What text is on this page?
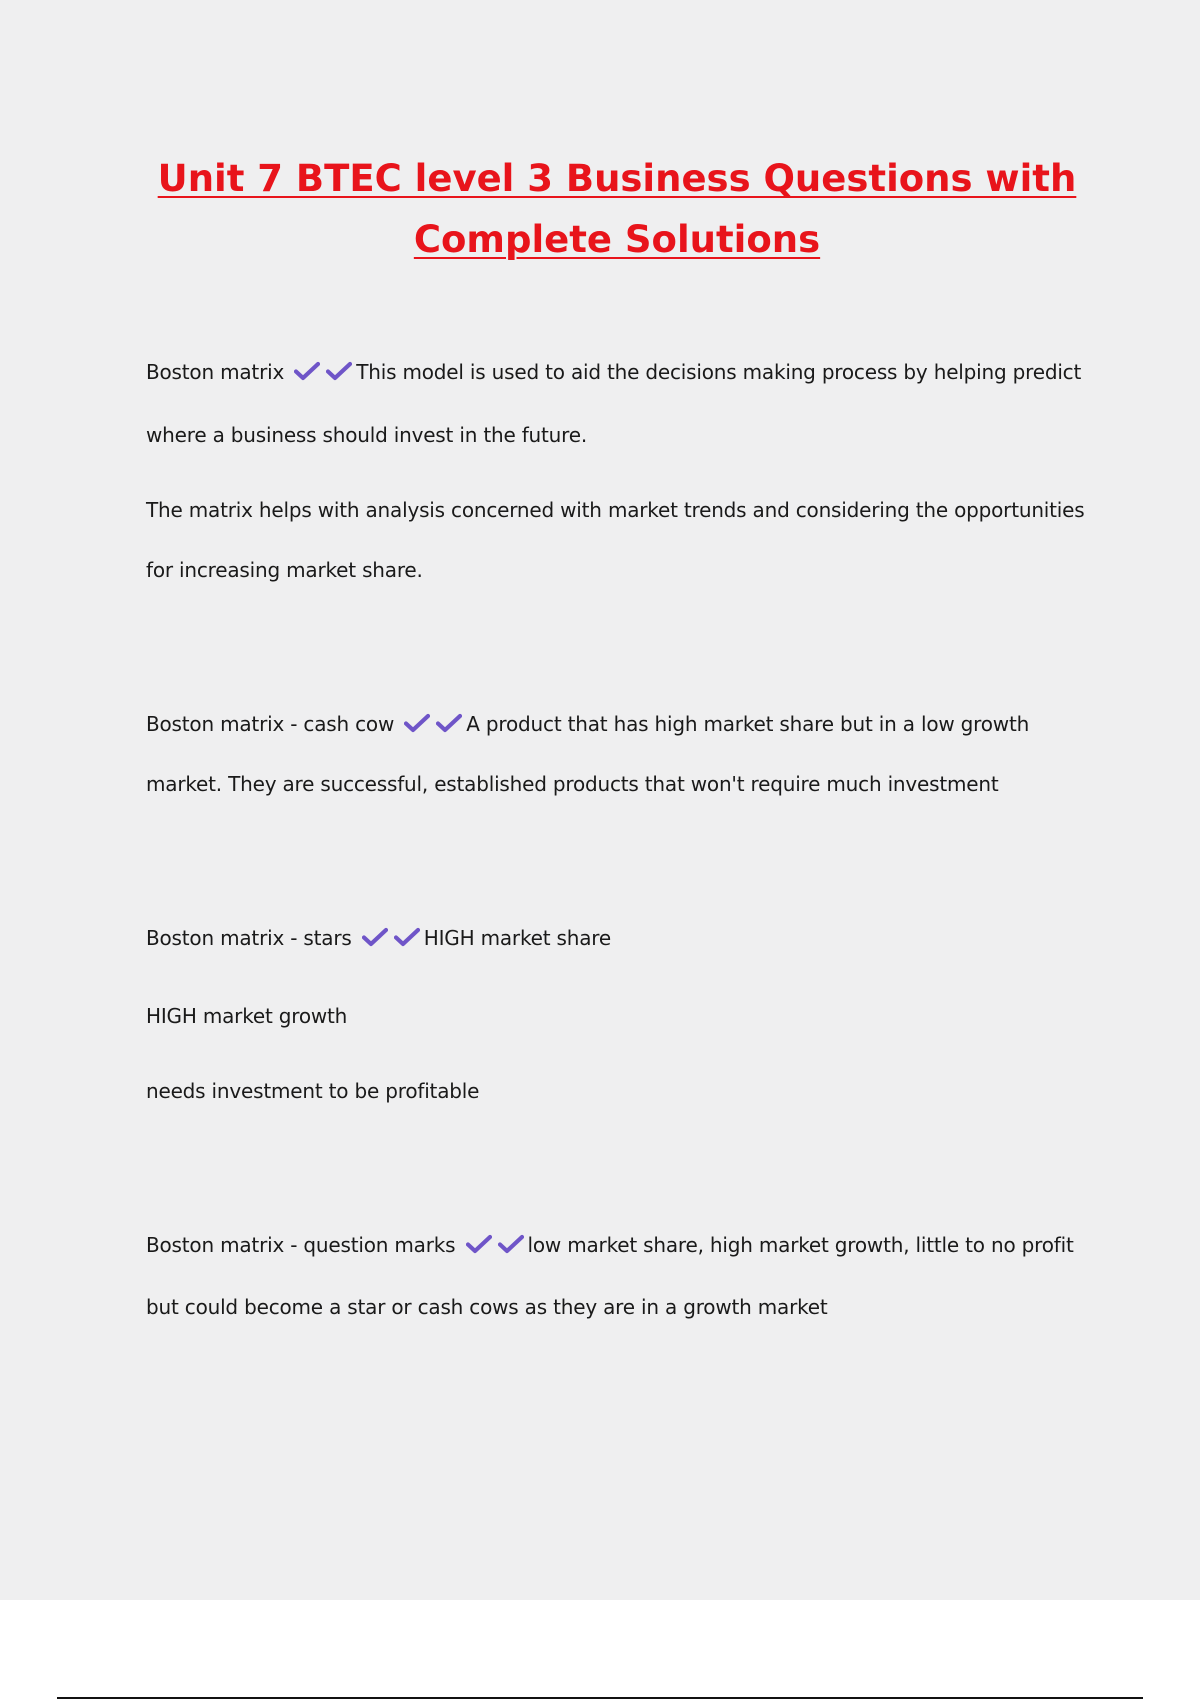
Unit 7 BTEC level 3 Business Questions with Complete Solutions

Boston matrix	This model is used to aid the decisions making process by helping predict

where a business should invest in the future.

The matrix helps with analysis concerned with market trends and considering the opportunities

for increasing market share.

Boston matrix - cash cow	A product that has high market share but in a low growth

market. They are successful, established products that won't require much investment

Boston matrix - stars	HIGH market share

HIGH market growth

needs investment to be profitable

Boston matrix - question marks	low market share, high market growth, little to no profit

but could become a star or cash cows as they are in a growth market
